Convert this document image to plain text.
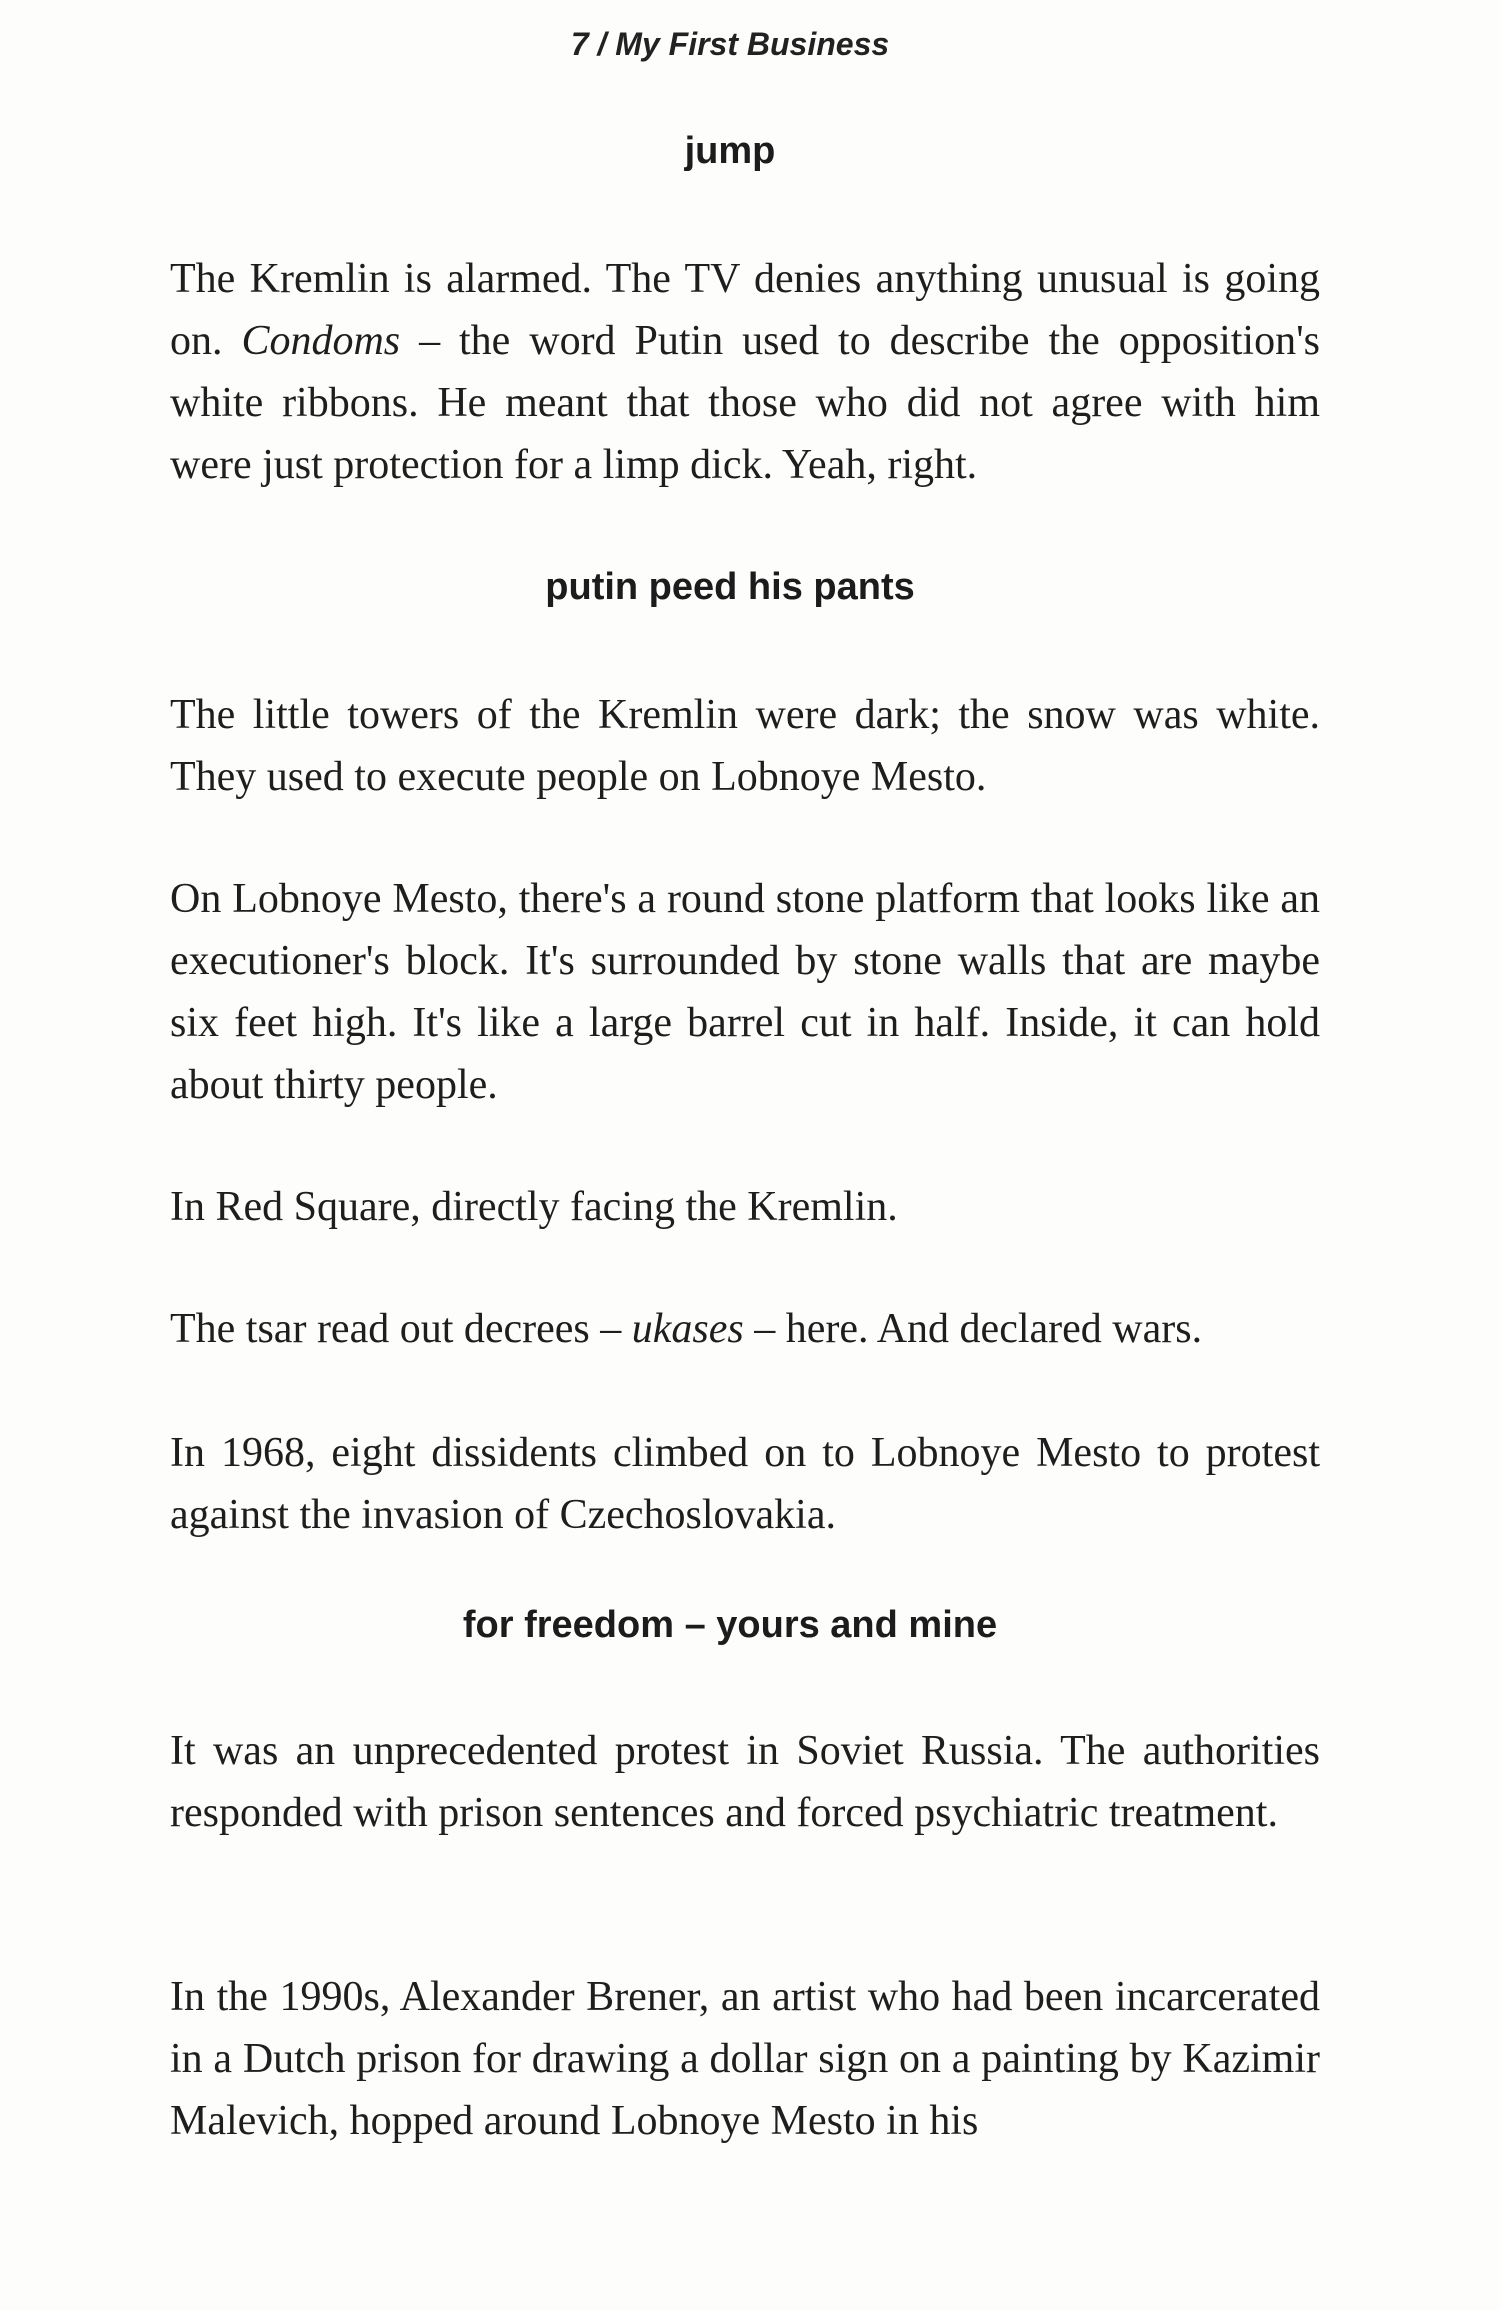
7 / My First Business
jump

The Kremlin is alarmed. The TV denies anything unusual is going on. Condoms – the word Putin used to describe the opposition's white ribbons. He meant that those who did not agree with him were just protection for a limp dick. Yeah, right.

putin peed his pants

The little towers of the Kremlin were dark; the snow was white. They used to execute people on Lobnoye Mesto.

On Lobnoye Mesto, there's a round stone platform that looks like an executioner's block. It's surrounded by stone walls that are maybe six feet high. It's like a large barrel cut in half. Inside, it can hold about thirty people.

In Red Square, directly facing the Kremlin.

The tsar read out decrees – ukases – here. And declared wars.

In 1968, eight dissidents climbed on to Lobnoye Mesto to protest against the invasion of Czechoslovakia.

for freedom – yours and mine

It was an unprecedented protest in Soviet Russia. The authorities responded with prison sentences and forced psychiatric treatment.

In the 1990s, Alexander Brener, an artist who had been incarcerated in a Dutch prison for drawing a dollar sign on a painting by Kazimir Malevich, hopped around Lobnoye Mesto in his
